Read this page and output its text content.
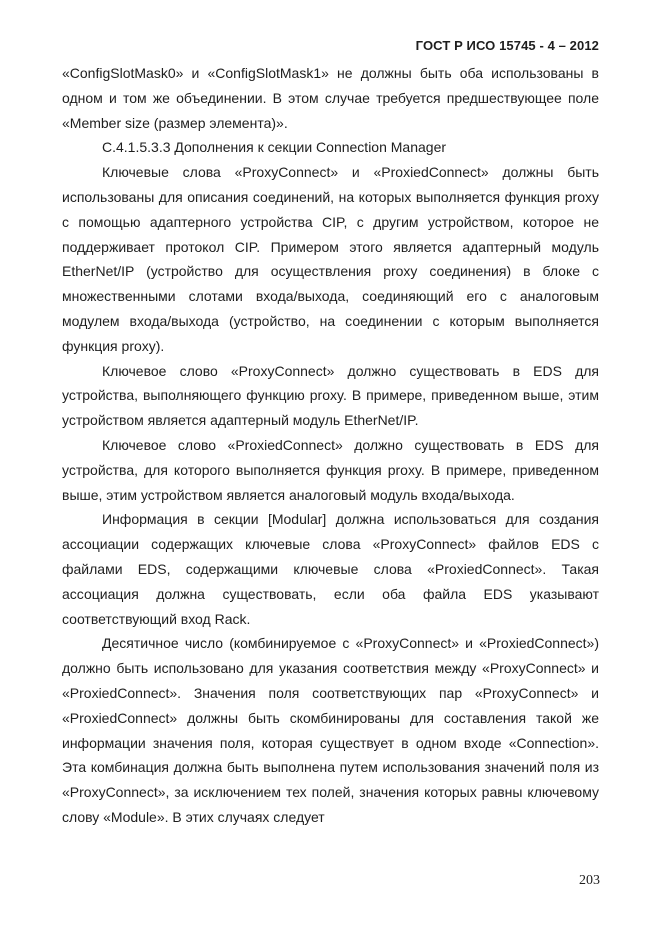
ГОСТ Р ИСО 15745 - 4 – 2012

«ConfigSlotMask0» и «ConfigSlotMask1» не должны быть оба использованы в одном и том же объединении. В этом случае требуется предшествующее поле «Member size (размер элемента)».

C.4.1.5.3.3 Дополнения к секции Connection Manager

Ключевые слова «ProxyConnect» и «ProxiedConnect» должны быть использованы для описания соединений, на которых выполняется функция proxy с помощью адаптерного устройства CIP, с другим устройством, которое не поддерживает протокол CIP. Примером этого является адаптерный модуль EtherNet/IP (устройство для осуществления proxy соединения) в блоке с множественными слотами входа/выхода, соединяющий его с аналоговым модулем входа/выхода (устройство, на соединении с которым выполняется функция proxy).

Ключевое слово «ProxyConnect» должно существовать в EDS для устройства, выполняющего функцию proxy. В примере, приведенном выше, этим устройством является адаптерный модуль EtherNet/IP.

Ключевое слово «ProxiedConnect» должно существовать в EDS для устройства, для которого выполняется функция proxy. В примере, приведенном выше, этим устройством является аналоговый модуль входа/выхода.

Информация в секции [Modular] должна использоваться для создания ассоциации содержащих ключевые слова «ProxyConnect» файлов EDS с файлами EDS, содержащими ключевые слова «ProxiedConnect». Такая ассоциация должна существовать, если оба файла EDS указывают соответствующий вход Rack.

Десятичное число (комбинируемое с «ProxyConnect» и «ProxiedConnect») должно быть использовано для указания соответствия между «ProxyConnect» и «ProxiedConnect». Значения поля соответствующих пар «ProxyConnect» и «ProxiedConnect» должны быть скомбинированы для составления такой же информации значения поля, которая существует в одном входе «Connection». Эта комбинация должна быть выполнена путем использования значений поля из «ProxyConnect», за исключением тех полей, значения которых равны ключевому слову «Module». В этих случаях следует

203
